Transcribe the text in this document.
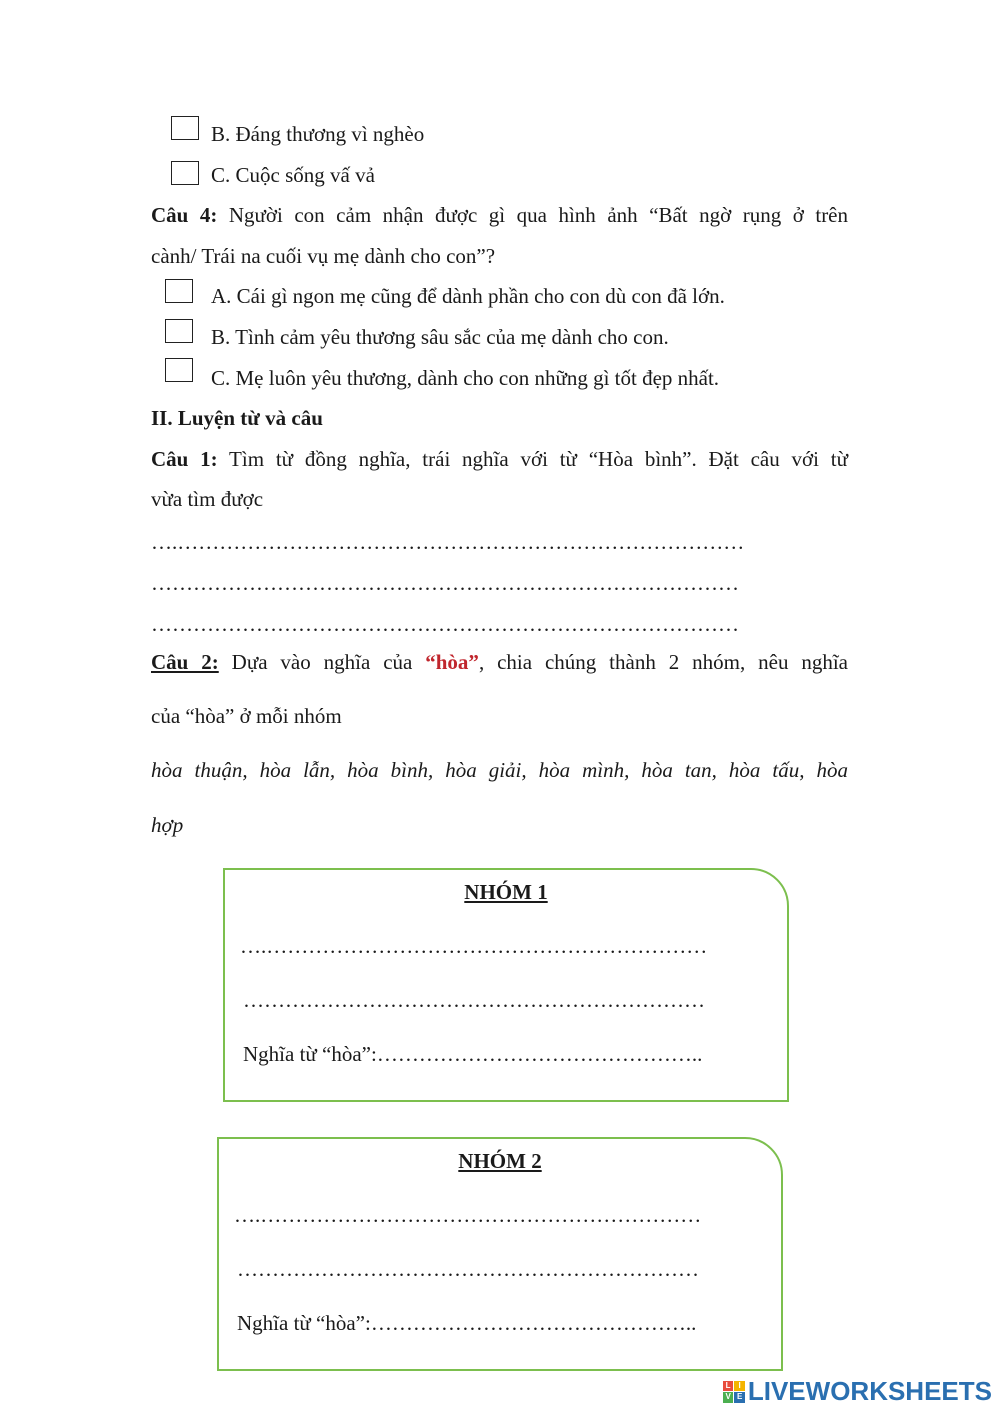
B. Đáng thương vì nghèo
C. Cuộc sống vấ vả
Câu 4: Người con cảm nhận được gì qua hình ảnh “Bất ngờ rụng ở trên
cành/ Trái na cuối vụ mẹ dành cho con”?
A. Cái gì ngon mẹ cũng để dành phần cho con dù con đã lớn.
B. Tình cảm yêu thương sâu sắc của mẹ dành cho con.
C. Mẹ luôn yêu thương, dành cho con những gì tốt đẹp nhất.
II. Luyện từ và câu
Câu 1: Tìm từ đồng nghĩa, trái nghĩa với từ “Hòa bình”. Đặt câu với từ
vừa tìm được
….………………………………………………………………………
…………………………………………………………………………
…………………………………………………………………………
Câu 2: Dựa vào nghĩa của “hòa”, chia chúng thành 2 nhóm, nêu nghĩa
của “hòa” ở mỗi nhóm
hòa thuận, hòa lẫn, hòa bình, hòa giải, hòa mình, hòa tan, hòa tấu, hòa
hợp
NHÓM 1
….………………………………………………………
…………………………………………………………
Nghĩa từ “hòa”:………………………………………..
NHÓM 2
….………………………………………………………
…………………………………………………………
Nghĩa từ “hòa”:………………………………………..
L I
V E LIVEWORKSHEETS
